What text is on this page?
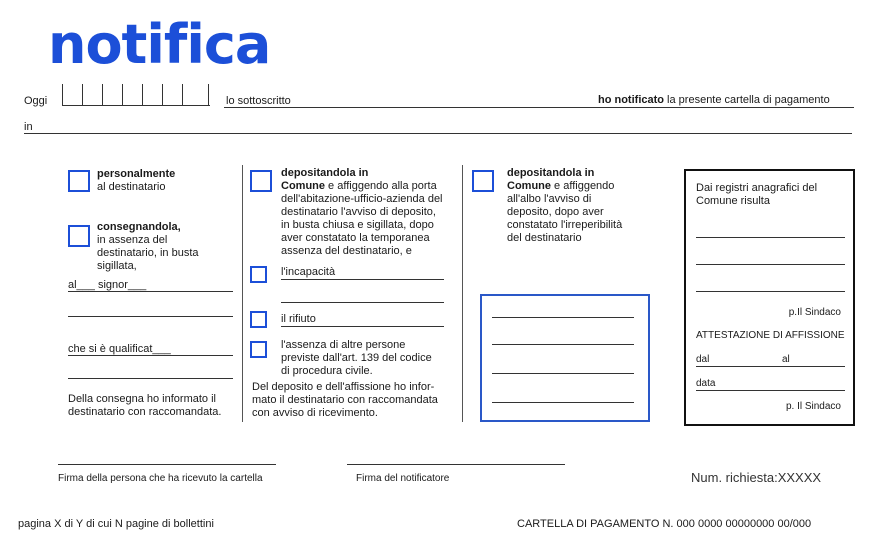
notifica
Oggi	lo sottoscritto	ho notificato la presente cartella di pagamento
in
personalmente
al destinatario
consegnandola,
in assenza del
destinatario, in busta
sigillata,
al___ signor___
che si è qualificat___
Della consegna ho informato il
destinatario con raccomandata.
depositandola in
Comune e affiggendo alla porta
dell'abitazione-ufficio-azienda del
destinatario l'avviso di deposito,
in busta chiusa e sigillata, dopo
aver constatato la temporanea
assenza del destinatario, e
l'incapacità
il rifiuto
l'assenza di altre persone
previste dall'art. 139 del codice
di procedura civile.
Del deposito e dell'affissione ho infor-
mato il destinatario con raccomandata
con avviso di ricevimento.
depositandola in
Comune e affiggendo
all'albo l'avviso di
deposito, dopo aver
constatato l'irreperibilità
del destinatario
Dai registri anagrafici del
Comune risulta
p.Il Sindaco
ATTESTAZIONE DI AFFISSIONE
dal	al
data
p. Il Sindaco
Firma della persona che ha ricevuto la cartella	Firma del notificatore	Num. richiesta:XXXXX
pagina X di Y di cui N pagine di bollettini	CARTELLA DI PAGAMENTO N. 000 0000 00000000 00/000
